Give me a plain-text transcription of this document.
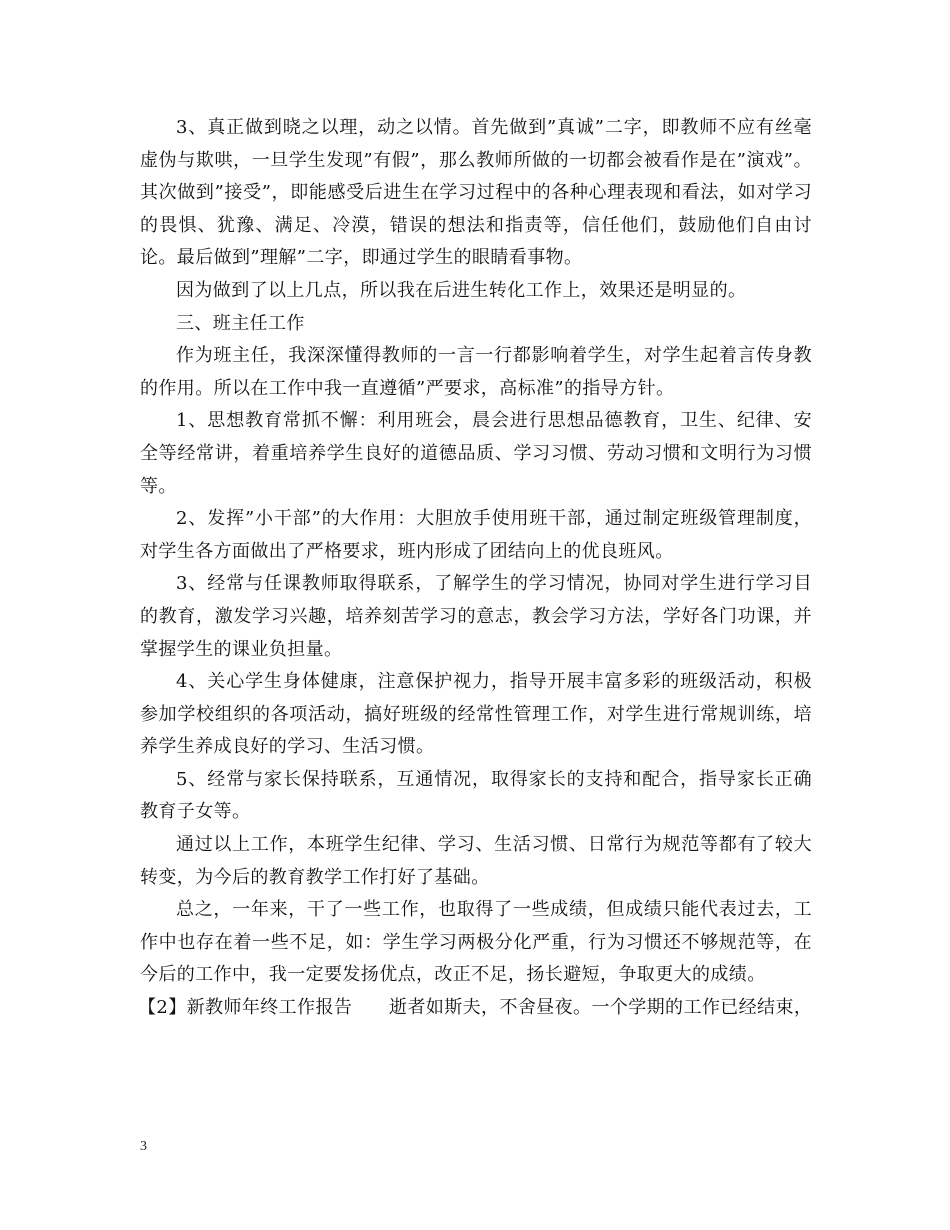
3、真正做到晓之以理，动之以情。首先做到”真诚”二字，即教师不应有丝毫虚伪与欺哄，一旦学生发现”有假”，那么教师所做的一切都会被看作是在”演戏”。其次做到”接受”，即能感受后进生在学习过程中的各种心理表现和看法，如对学习的畏惧、犹豫、满足、冷漠，错误的想法和指责等，信任他们，鼓励他们自由讨论。最后做到”理解”二字，即通过学生的眼睛看事物。

因为做到了以上几点，所以我在后进生转化工作上，效果还是明显的。

三、班主任工作

作为班主任，我深深懂得教师的一言一行都影响着学生，对学生起着言传身教的作用。所以在工作中我一直遵循”严要求，高标准”的指导方针。

1、思想教育常抓不懈：利用班会，晨会进行思想品德教育，卫生、纪律、安全等经常讲，着重培养学生良好的道德品质、学习习惯、劳动习惯和文明行为习惯等。

2、发挥”小干部”的大作用：大胆放手使用班干部，通过制定班级管理制度，对学生各方面做出了严格要求，班内形成了团结向上的优良班风。

3、经常与任课教师取得联系，了解学生的学习情况，协同对学生进行学习目的教育，激发学习兴趣，培养刻苦学习的意志，教会学习方法，学好各门功课，并掌握学生的课业负担量。

4、关心学生身体健康，注意保护视力，指导开展丰富多彩的班级活动，积极参加学校组织的各项活动，搞好班级的经常性管理工作，对学生进行常规训练，培养学生养成良好的学习、生活习惯。

5、经常与家长保持联系，互通情况，取得家长的支持和配合，指导家长正确教育子女等。

通过以上工作，本班学生纪律、学习、生活习惯、日常行为规范等都有了较大转变，为今后的教育教学工作打好了基础。

总之，一年来，干了一些工作，也取得了一些成绩，但成绩只能代表过去，工作中也存在着一些不足，如：学生学习两极分化严重，行为习惯还不够规范等，在今后的工作中，我一定要发扬优点，改正不足，扬长避短，争取更大的成绩。

【2】新教师年终工作报告　　逝者如斯夫，不舍昼夜。一个学期的工作已经结束，

3
